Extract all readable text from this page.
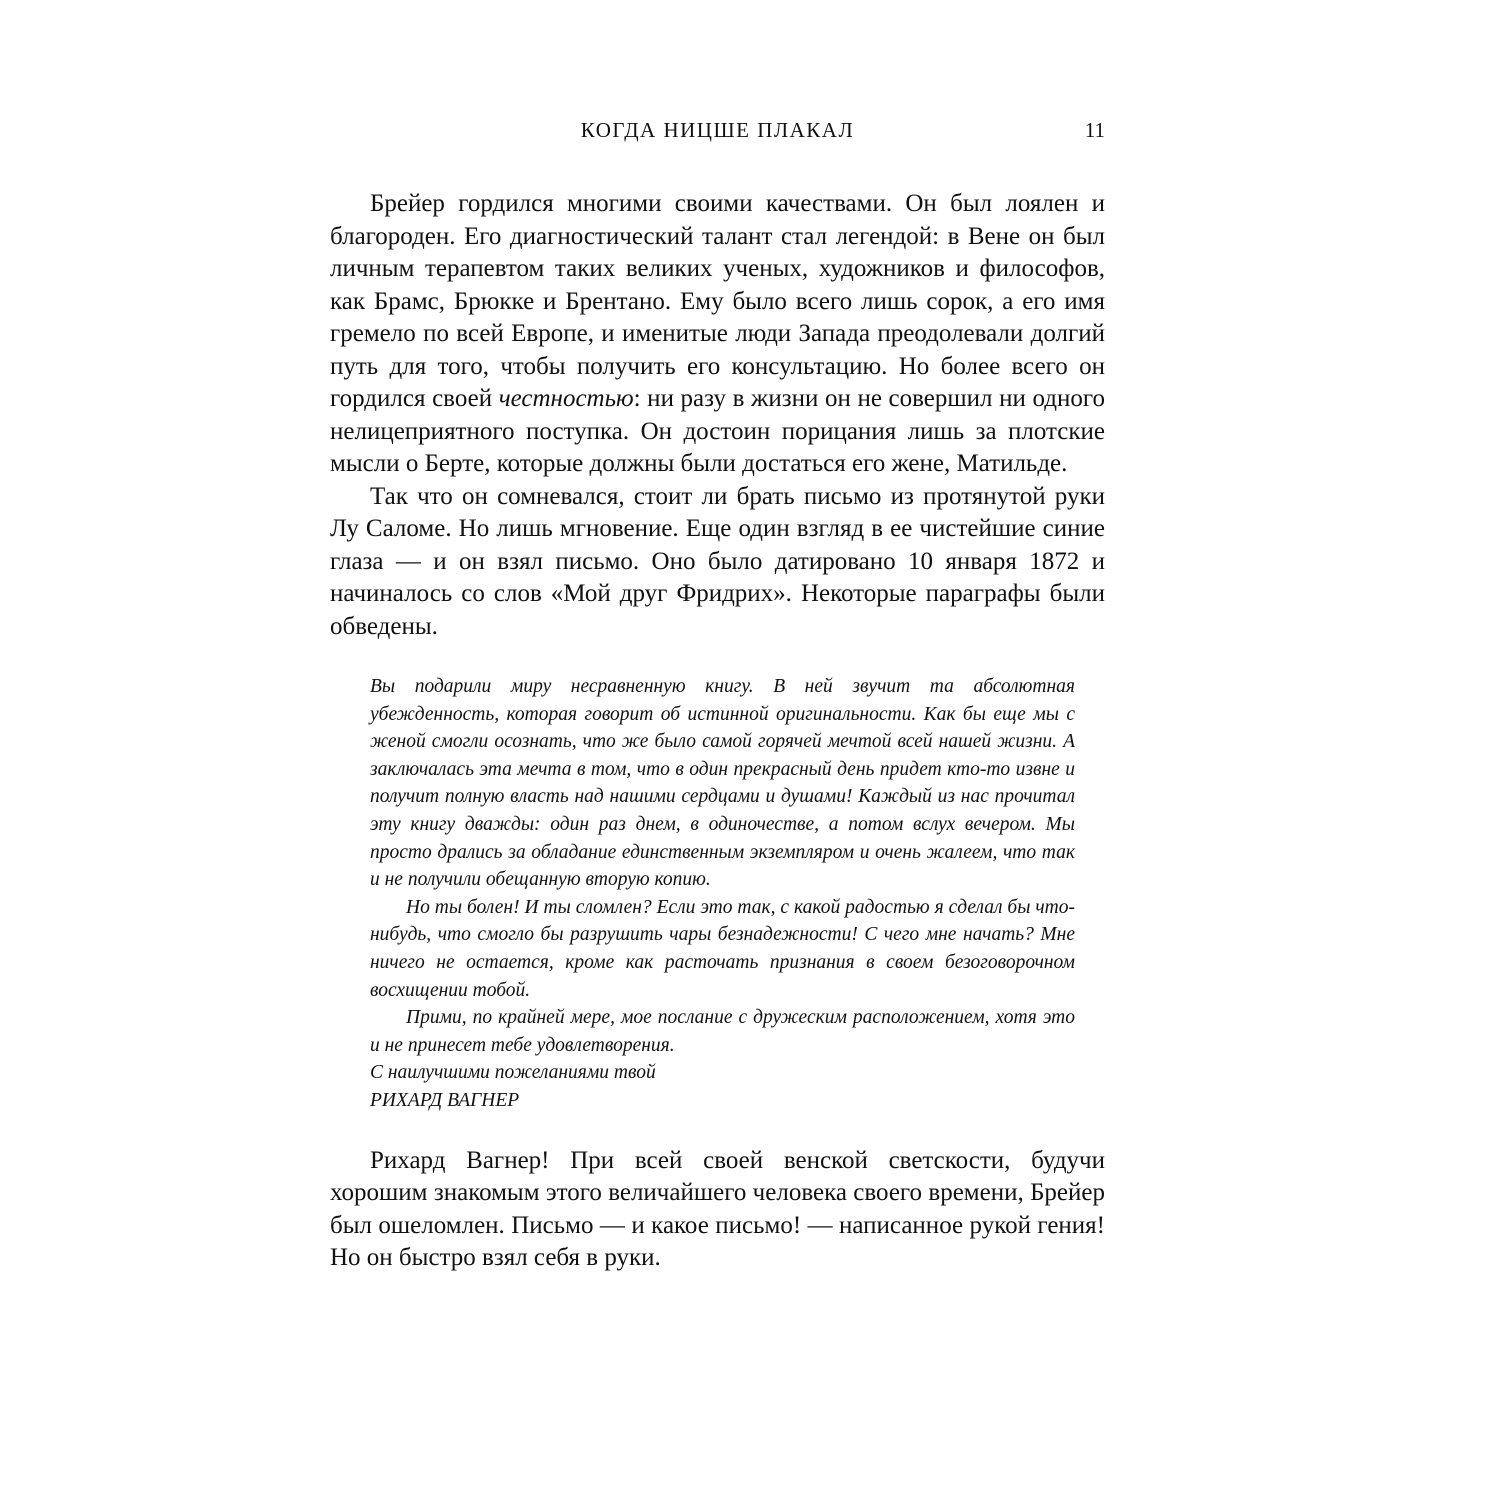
КОГДА НИЦШЕ ПЛАКАЛ	11

Брейер гордился многими своими качествами. Он был лоялен и благороден. Его диагностический талант стал легендой: в Вене он был личным терапевтом таких великих ученых, художников и философов, как Брамс, Брюкке и Брентано. Ему было всего лишь сорок, а его имя гремело по всей Европе, и именитые люди Запада преодолевали долгий путь для того, чтобы получить его консультацию. Но более всего он гордился своей честностью: ни разу в жизни он не совершил ни одного нелицеприятного поступка. Он достоин порицания лишь за плотские мысли о Берте, которые должны были достаться его жене, Матильде.

Так что он сомневался, стоит ли брать письмо из протянутой руки Лу Саломе. Но лишь мгновение. Еще один взгляд в ее чистейшие синие глаза — и он взял письмо. Оно было датировано 10 января 1872 и начиналось со слов «Мой друг Фридрих». Некоторые параграфы были обведены.

Вы подарили миру несравненную книгу. В ней звучит та абсолютная убежденность, которая говорит об истинной оригинальности. Как бы еще мы с женой смогли осознать, что же было самой горячей мечтой всей нашей жизни. А заключалась эта мечта в том, что в один прекрасный день придет кто-то извне и получит полную власть над нашими сердцами и душами! Каждый из нас прочитал эту книгу дважды: один раз днем, в одиночестве, а потом вслух вечером. Мы просто дрались за обладание единственным экземпляром и очень жалеем, что так и не получили обещанную вторую копию.

Но ты болен! И ты сломлен? Если это так, с какой радостью я сделал бы что-нибудь, что смогло бы разрушить чары безнадежности! С чего мне начать? Мне ничего не остается, кроме как расточать признания в своем безоговорочном восхищении тобой.

Прими, по крайней мере, мое послание с дружеским расположением, хотя это и не принесет тебе удовлетворения.

С наилучшими пожеланиями твой

РИХАРД ВАГНЕР

Рихард Вагнер! При всей своей венской светскости, будучи хорошим знакомым этого величайшего человека своего времени, Брейер был ошеломлен. Письмо — и какое письмо! — написанное рукой гения! Но он быстро взял себя в руки.
